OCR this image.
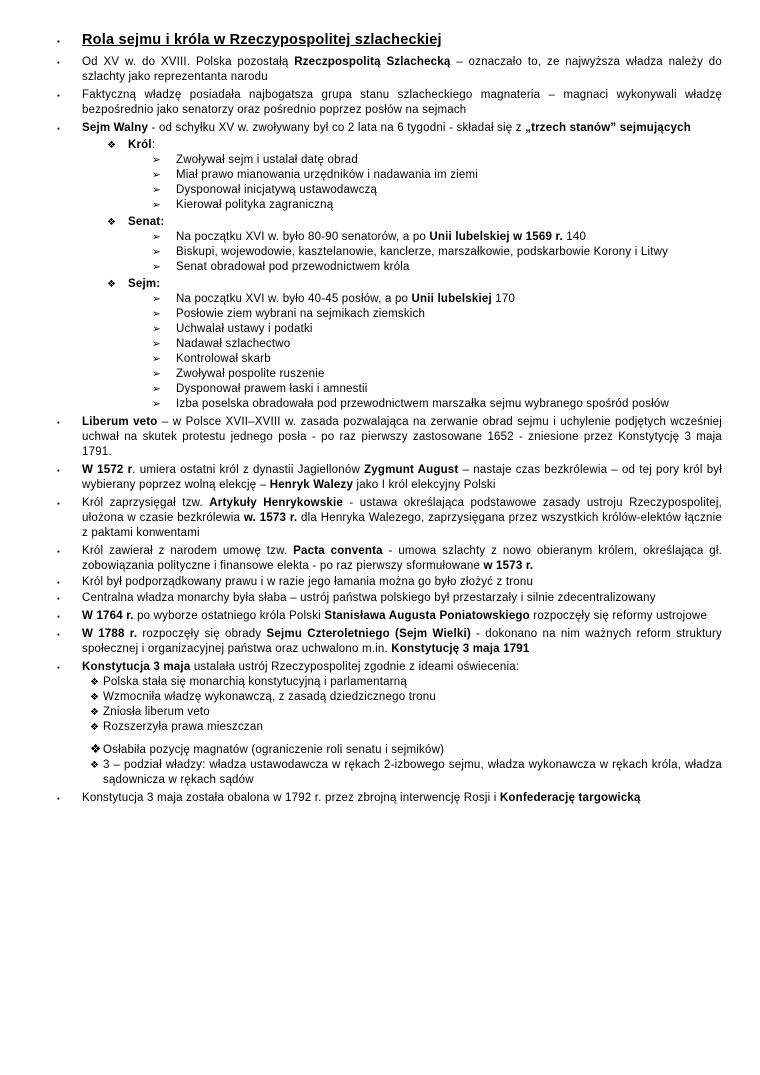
▪	Rola sejmu i króla w Rzeczypospolitej szlacheckiej
▪	Od XV w. do XVIII. Polska pozostałą Rzeczpospolitą Szlachecką – oznaczało to, ze najwyższa władza należy do szlachty jako reprezentanta narodu
▪	Faktyczną władzę posiadała najbogatsza grupa stanu szlacheckiego magnateria – magnaci wykonywali władzę bezpośrednio jako senatorzy oraz pośrednio poprzez posłów na sejmach
▪	Sejm Walny - od schyłku XV w. zwoływany był co 2 lata na 6 tygodni - składał się z „trzech stanów” sejmujących
❖	Król:
➢	Zwoływał sejm i ustalał datę obrad
➢	Miał prawo mianowania urzędników i nadawania im ziemi
➢	Dysponował inicjatywą ustawodawczą
➢	Kierował polityka zagraniczną
❖	Senat:
➢	Na początku XVI w. było 80-90 senatorów, a po Unii lubelskiej w 1569 r. 140
➢	Biskupi, wojewodowie, kasztelanowie, kanclerze, marszałkowie, podskarbowie Korony i Litwy
➢	Senat obradował pod przewodnictwem króla
❖	Sejm:
➢	Na początku XVI w. było 40-45 posłów, a po Unii lubelskiej 170
➢	Posłowie ziem wybrani na sejmikach ziemskich
➢	Uchwalał ustawy i podatki
➢	Nadawał szlachectwo
➢	Kontrolował skarb
➢	Zwoływał pospolite ruszenie
➢	Dysponował prawem łaski i amnestii
➢	Izba poselska obradowała pod przewodnictwem marszałka sejmu wybranego spośród posłów
▪	Liberum veto – w Polsce XVII–XVIII w. zasada pozwalająca na zerwanie obrad sejmu i uchylenie podjętych wcześniej uchwał na skutek protestu jednego posła - po raz pierwszy zastosowane 1652 - zniesione przez Konstytycję 3 maja 1791.
▪	W 1572 r. umiera ostatni król z dynastii Jagiellonów Zygmunt August – nastaje czas bezkrólewia – od tej pory król był wybierany poprzez wolną elekcję – Henryk Walezy jako I król elekcyjny Polski
▪	Król zaprzysięgał tzw. Artykuły Henrykowskie - ustawa określająca podstawowe zasady ustroju Rzeczypospolitej, ułożona w czasie bezkrólewia w. 1573 r. dla Henryka Walezego, zaprzysięgana przez wszystkich królów-elektów łącznie z paktami konwentami
▪	Król zawierał z narodem umowę tzw. Pacta conventa - umowa szlachty z nowo obieranym królem, określająca gł. zobowiązania polityczne i finansowe elekta - po raz pierwszy sformułowane w 1573 r.
▪	Król był podporządkowany prawu i w razie jego łamania można go było złożyć z tronu
▪	Centralna władza monarchy była słaba – ustrój państwa polskiego był przestarzały i silnie zdecentralizowany
▪	W 1764 r. po wyborze ostatniego króla Polski Stanisława Augusta Poniatowskiego rozpoczęły się reformy ustrojowe
▪	W 1788 r. rozpoczęły się obrady Sejmu Czteroletniego (Sejm Wielki) - dokonano na nim ważnych reform struktury społecznej i organizacyjnej państwa oraz uchwalono m.in. Konstytucję 3 maja 1791
▪	Konstytucja 3 maja ustalała ustrój Rzeczypospolitej zgodnie z ideami oświecenia:
❖ Polska stała się monarchią konstytucyjną i parlamentarną
❖ Wzmocniła władzę wykonawczą, z zasadą dziedzicznego tronu
❖ Zniosła liberum veto
❖ Rozszerzyła prawa mieszczan
❖ Osłabiła pozycję magnatów (ograniczenie roli senatu i sejmików)
❖ 3 – podział władzy: władza ustawodawcza w rękach 2-izbowego sejmu, władza wykonawcza w rękach króla, władza sądownicza w rękach sądów
▪	Konstytucja 3 maja została obalona w 1792 r. przez zbrojną interwencję Rosji i Konfederację targowicką
